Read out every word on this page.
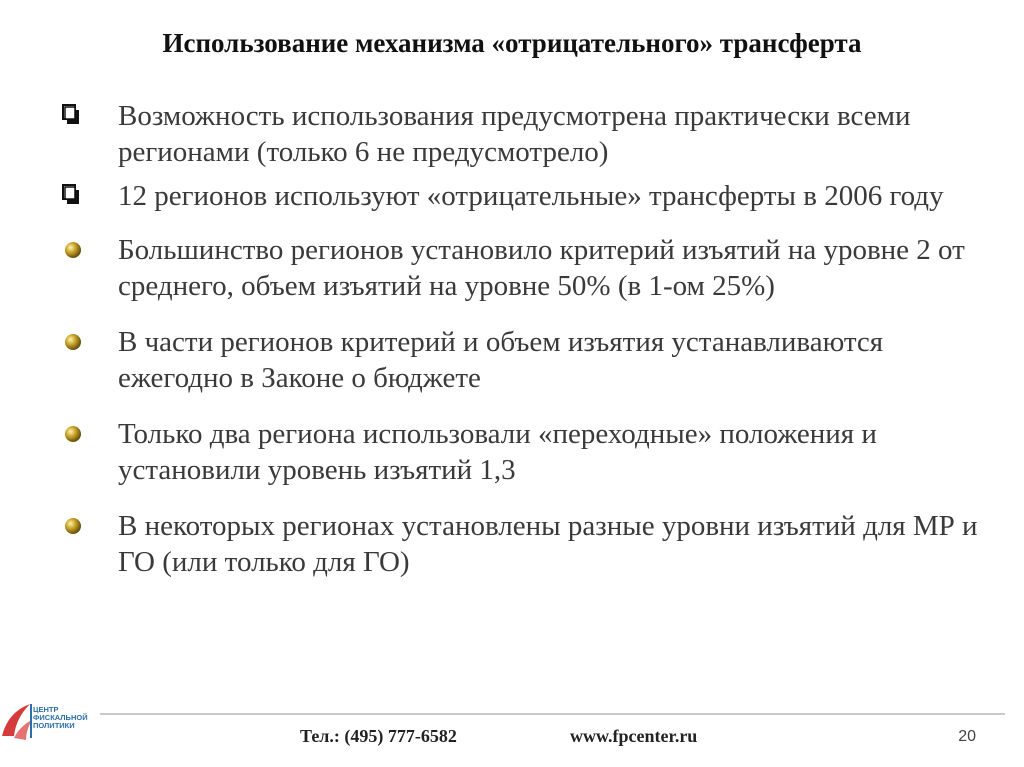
Использование механизма «отрицательного» трансферта
Возможность использования предусмотрена практически всеми регионами (только 6 не предусмотрело)
12 регионов используют «отрицательные» трансферты в 2006 году
Большинство регионов установило критерий изъятий на уровне 2 от среднего, объем изъятий на уровне 50% (в 1-ом 25%)
В части регионов критерий и объем изъятия устанавливаются ежегодно в Законе о бюджете
Только два региона использовали «переходные» положения и установили уровень изъятий 1,3
В некоторых регионах установлены разные уровни изъятий для МР и ГО (или только для ГО)
ЦЕНТР
ФИСКАЛЬНОЙ
ПОЛИТИКИ
Тел.: (495) 777-6582	www.fpcenter.ru	20
